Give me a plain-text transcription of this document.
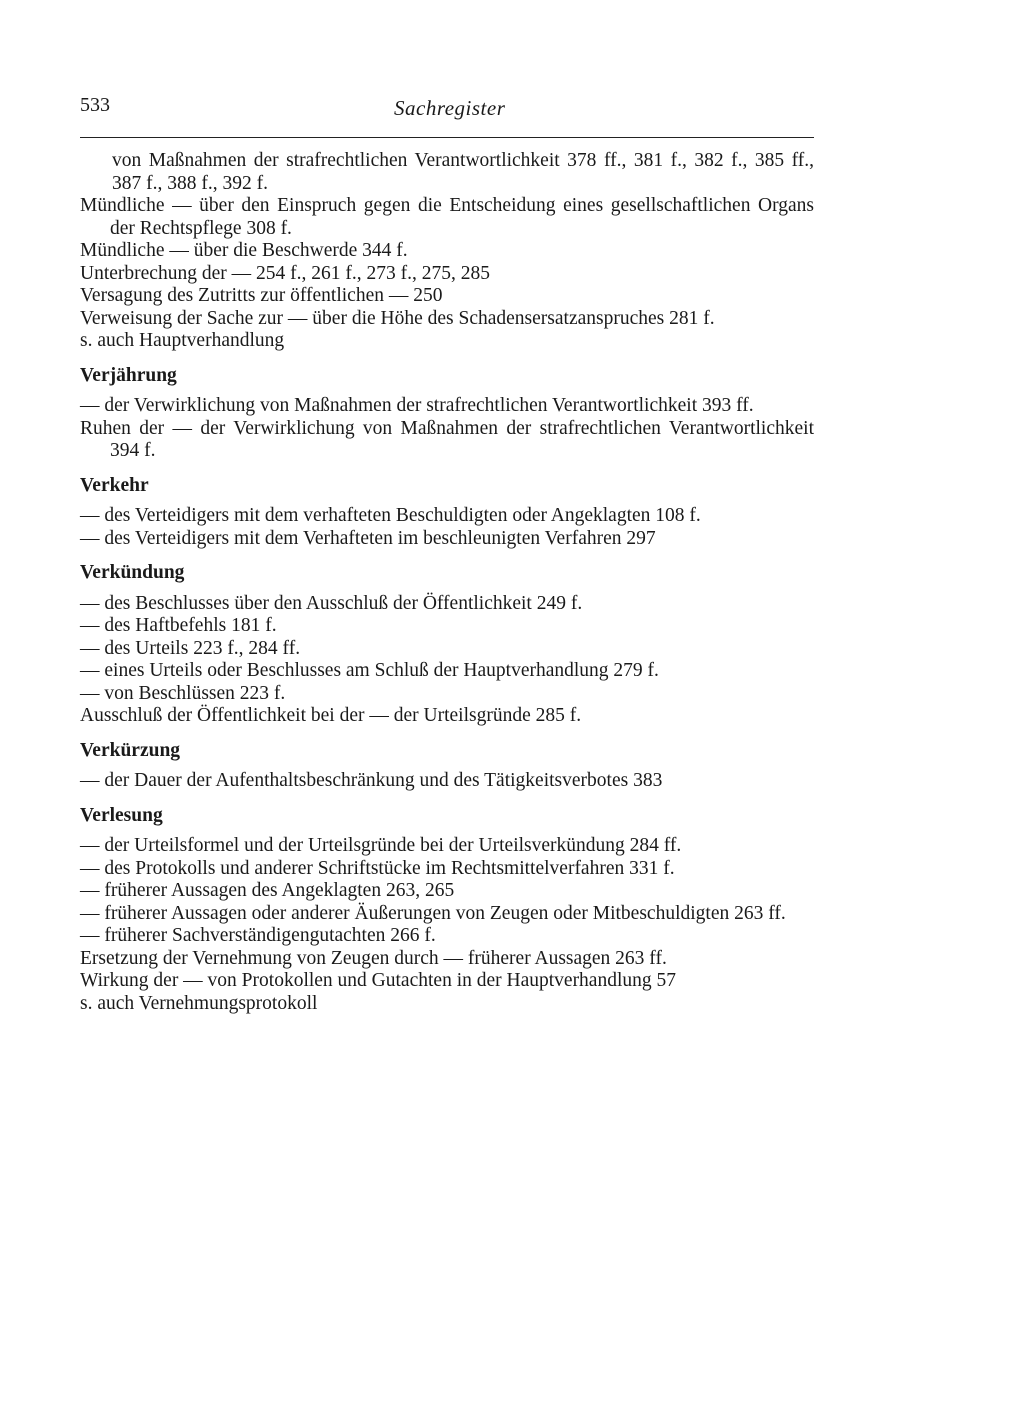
533	Sachregister

von Maßnahmen der strafrechtlichen Verantwortlichkeit 378 ff., 381 f., 382 f., 385 ff., 387 f., 388 f., 392 f.

Mündliche — über den Einspruch gegen die Entscheidung eines gesellschaftlichen Organs der Rechtspflege 308 f.

Mündliche — über die Beschwerde 344 f.

Unterbrechung der — 254 f., 261 f., 273 f., 275, 285

Versagung des Zutritts zur öffentlichen — 250

Verweisung der Sache zur — über die Höhe des Schadensersatzanspruches 281 f.

s. auch Hauptverhandlung

Verjährung

— der Verwirklichung von Maßnahmen der strafrechtlichen Verantwortlichkeit 393 ff.

Ruhen der — der Verwirklichung von Maßnahmen der strafrechtlichen Verantwortlichkeit 394 f.

Verkehr

— des Verteidigers mit dem verhafteten Beschuldigten oder Angeklagten 108 f.

— des Verteidigers mit dem Verhafteten im beschleunigten Verfahren 297

Verkündung

— des Beschlusses über den Ausschluß der Öffentlichkeit 249 f.

— des Haftbefehls 181 f.

— des Urteils 223 f., 284 ff.

— eines Urteils oder Beschlusses am Schluß der Hauptverhandlung 279 f.

— von Beschlüssen 223 f.

Ausschluß der Öffentlichkeit bei der — der Urteilsgründe 285 f.

Verkürzung

— der Dauer der Aufenthaltsbeschränkung und des Tätigkeitsverbotes 383

Verlesung

— der Urteilsformel und der Urteilsgründe bei der Urteilsverkündung 284 ff.

— des Protokolls und anderer Schriftstücke im Rechtsmittelverfahren 331 f.

— früherer Aussagen des Angeklagten 263, 265

— früherer Aussagen oder anderer Äußerungen von Zeugen oder Mitbeschuldigten 263 ff.

— früherer Sachverständigengutachten 266 f.

Ersetzung der Vernehmung von Zeugen durch — früherer Aussagen 263 ff.

Wirkung der — von Protokollen und Gutachten in der Hauptverhandlung 57

s. auch Vernehmungsprotokoll
